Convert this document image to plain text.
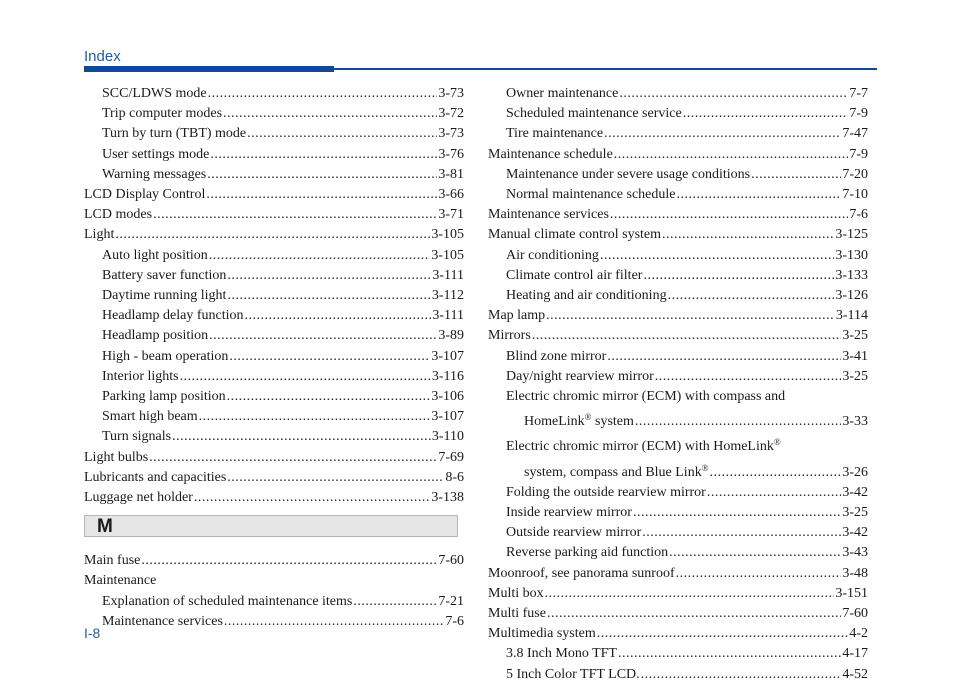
Index
SCC/LDWS mode . . .	3-73
Trip computer modes . . .	3-72
Turn by turn (TBT) mode . . .	3-73
User settings mode . . .	3-76
Warning messages . . .	3-81
LCD Display Control . . .	3-66
LCD modes . . .	3-71
Light . . .	3-105
Auto light position . . .	3-105
Battery saver function . . .	3-111
Daytime running light . . .	3-112
Headlamp delay function . . .	3-111
Headlamp position . . .	3-89
High - beam operation . . .	3-107
Interior lights . . .	3-116
Parking lamp position . . .	3-106
Smart high beam . . .	3-107
Turn signals . . .	3-110
Light bulbs . . .	7-69
Lubricants and capacities . . .	8-6
Luggage net holder . . .	3-138
M
Main fuse . . .	7-60
Maintenance
Explanation of scheduled maintenance items . . .	7-21
Maintenance services . . .	7-6
Owner maintenance . . .	7-7
Scheduled maintenance service . . .	7-9
Tire maintenance . . .	7-47
Maintenance schedule . . .	7-9
Maintenance under severe usage conditions . . .	7-20
Normal maintenance schedule . . .	7-10
Maintenance services . . .	7-6
Manual climate control system . . .	3-125
Air conditioning . . .	3-130
Climate control air filter . . .	3-133
Heating and air conditioning . . .	3-126
Map lamp . . .	3-114
Mirrors . . .	3-25
Blind zone mirror . . .	3-41
Day/night rearview mirror . . .	3-25
Electric chromic mirror (ECM) with compass and
HomeLink® system . . .	3-33
Electric chromic mirror (ECM) with HomeLink®
system, compass and Blue Link® . . .	3-26
Folding the outside rearview mirror . . .	3-42
Inside rearview mirror . . .	3-25
Outside rearview mirror . . .	3-42
Reverse parking aid function . . .	3-43
Moonroof, see panorama sunroof . . .	3-48
Multi box . . .	3-151
Multi fuse . . .	7-60
Multimedia system . . .	4-2
3.8 Inch Mono TFT . . .	4-17
5 Inch Color TFT LCD. . . .	4-52
I-8
